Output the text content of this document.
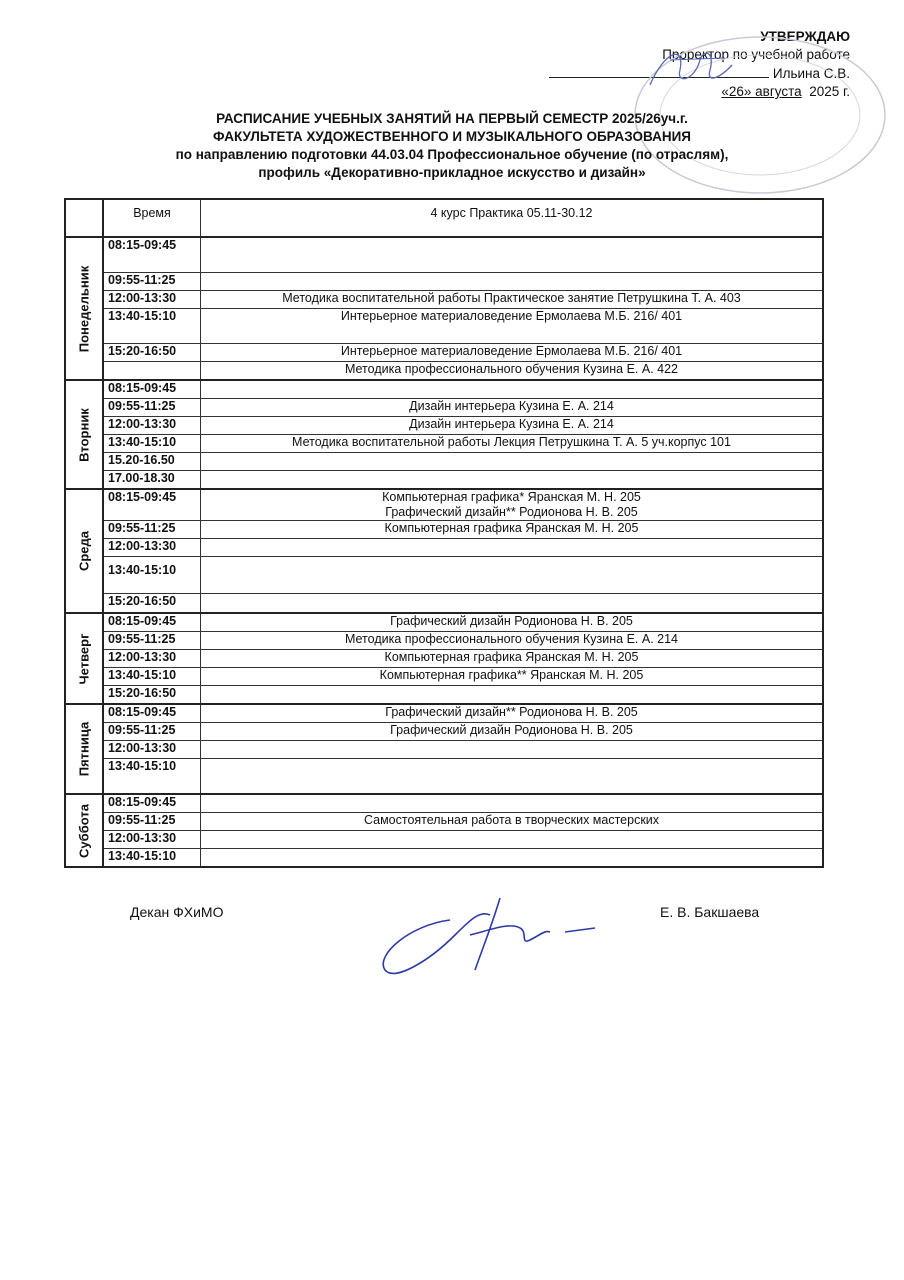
УТВЕРЖДАЮ
Проректор по учебной работе
Ильина С.В.
«26» августа 2025 г.
РАСПИСАНИЕ УЧЕБНЫХ ЗАНЯТИЙ НА ПЕРВЫЙ СЕМЕСТР 2025/26уч.г.
ФАКУЛЬТЕТА ХУДОЖЕСТВЕННОГО И МУЗЫКАЛЬНОГО ОБРАЗОВАНИЯ
по направлению подготовки 44.03.04 Профессиональное обучение (по отраслям),
профиль «Декоративно-прикладное искусство и дизайн»
	Время	4 курс Практика 05.11-30.12

Понедельник	08:15-09:45	

	09:55-11:25	

	12:00-13:30	Методика воспитательной работы Практическое занятие Петрушкина Т. А. 403

	13:40-15:10	Интерьерное материаловедение Ермолаева М.Б. 216/ 401

	15:20-16:50	Интерьерное материаловедение Ермолаева М.Б. 216/ 401

		Методика профессионального обучения Кузина Е. А. 422

Вторник	08:15-09:45	

	09:55-11:25	Дизайн интерьера Кузина Е. А. 214

	12:00-13:30	Дизайн интерьера Кузина Е. А. 214

	13:40-15:10	Методика воспитательной работы Лекция Петрушкина Т. А. 5 уч.корпус 101

	15.20-16.50	

	17.00-18.30	

Среда	08:15-09:45	Компьютерная графика* Яранская М. Н. 205
Графический дизайн** Родионова Н. В. 205

	09:55-11:25	Компьютерная графика Яранская М. Н. 205

	12:00-13:30	

	13:40-15:10	

	15:20-16:50	

Четверг	08:15-09:45	Графический дизайн Родионова Н. В. 205

	09:55-11:25	Методика профессионального обучения Кузина Е. А. 214

	12:00-13:30	Компьютерная графика Яранская М. Н. 205

	13:40-15:10	Компьютерная графика** Яранская М. Н. 205

	15:20-16:50	

Пятница	08:15-09:45	Графический дизайн** Родионова Н. В. 205

	09:55-11:25	Графический дизайн Родионова Н. В. 205

	12:00-13:30	

	13:40-15:10	

Суббота	08:15-09:45	

	09:55-11:25	Самостоятельная работа в творческих мастерских

	12:00-13:30	

	13:40-15:10	
Декан ФХиМО	Е. В. Бакшаева
